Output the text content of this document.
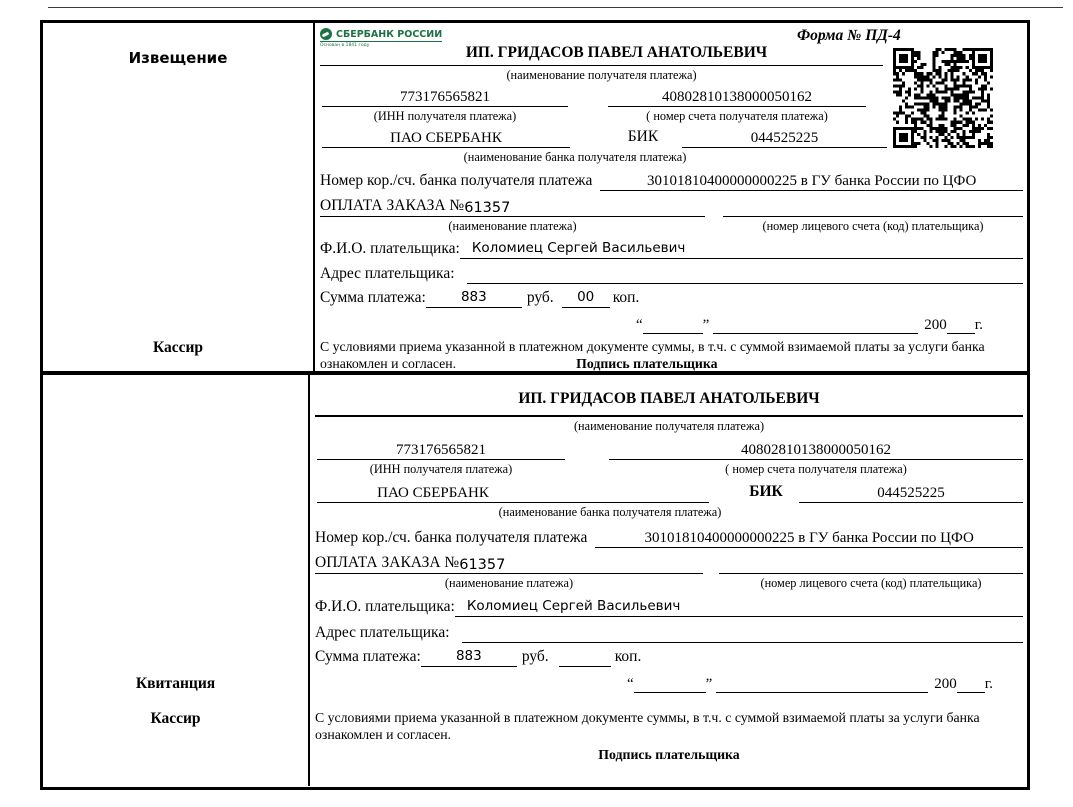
Извещение
Кассир
СБЕРБАНК РОССИИ
Основан в 1841 году	ИП. ГРИДАСОВ ПАВЕЛ АНАТОЛЬЕВИЧ
Форма № ПД-4
(наименование получателя платежа)
773176565821	40802810138000050162
(ИНН получателя платежа)	( номер счета получателя платежа)
ПАО СБЕРБАНК	БИК	044525225
(наименование банка получателя платежа)
Номер кор./сч. банка получателя платежа	30101810400000000225 в ГУ банка России по ЦФО
ОПЛАТА ЗАКАЗА № 61357
(наименование платежа)	(номер лицевого счета (код) плательщика)
Ф.И.О. плательщика: Коломиец Сергей Васильевич
Адрес плательщика:
Сумма платежа:	883	руб.	00	коп.
“	”	200 г.
С условиями приема указанной в платежном документе суммы, в т.ч. с суммой взимаемой платы за услуги банка
ознакомлен и согласен.	Подпись плательщика
Квитанция
Кассир
ИП. ГРИДАСОВ ПАВЕЛ АНАТОЛЬЕВИЧ
(наименование получателя платежа)
773176565821	40802810138000050162
(ИНН получателя платежа)	( номер счета получателя платежа)
ПАО СБЕРБАНК	БИК	044525225
(наименование банка получателя платежа)
Номер кор./сч. банка получателя платежа	30101810400000000225 в ГУ банка России по ЦФО
ОПЛАТА ЗАКАЗА № 61357
(наименование платежа)	(номер лицевого счета (код) плательщика)
Ф.И.О. плательщика: Коломиец Сергей Васильевич
Адрес плательщика:
Сумма платежа:	883	руб.	коп.
“	”	200 г.
С условиями приема указанной в платежном документе суммы, в т.ч. с суммой взимаемой платы за услуги банка
ознакомлен и согласен.
Подпись плательщика
